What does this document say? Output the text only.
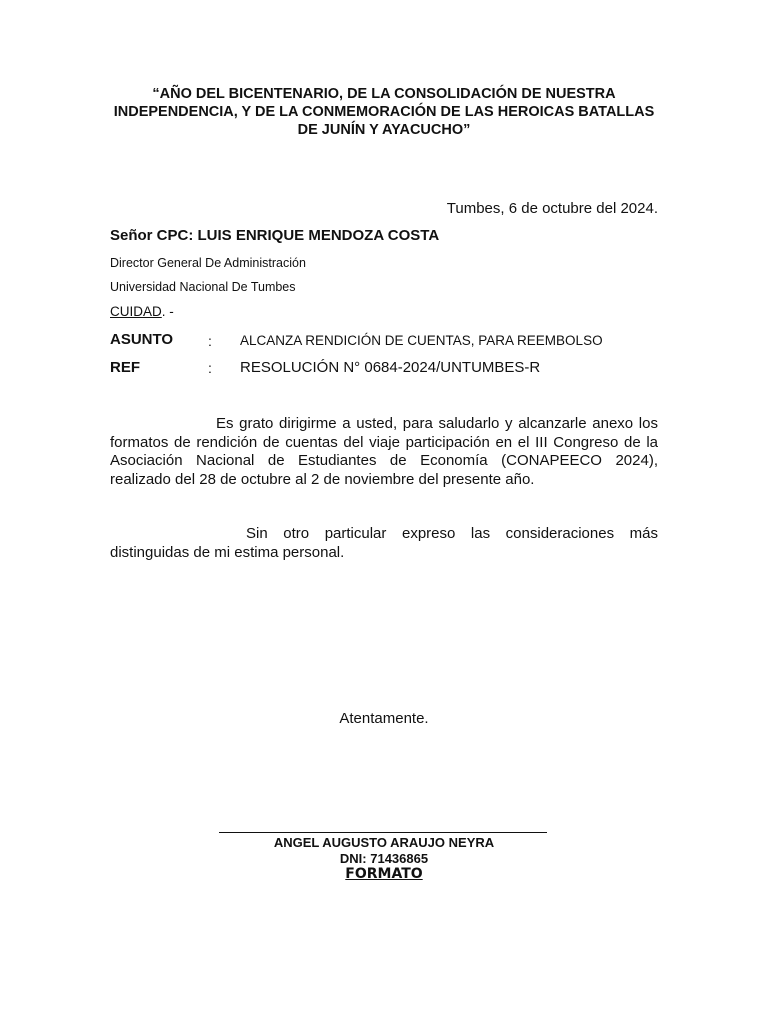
“AÑO DEL BICENTENARIO, DE LA CONSOLIDACIÓN DE NUESTRA
INDEPENDENCIA, Y DE LA CONMEMORACIÓN DE LAS HEROICAS BATALLAS
DE JUNÍN Y AYACUCHO”
Tumbes, 6 de octubre del 2024.
Señor CPC: LUIS ENRIQUE MENDOZA COSTA
Director General De Administración
Universidad Nacional De Tumbes
CUIDAD. -
ASUNTO : ALCANZA RENDICIÓN DE CUENTAS, PARA REEMBOLSO
REF	: RESOLUCIÓN N° 0684-2024/UNTUMBES-R
Es grato dirigirme a usted, para saludarlo y alcanzarle anexo los
formatos de rendición de cuentas del viaje participación en el III Congreso de la
Asociación Nacional de Estudiantes de Economía (CONAPEECO 2024),
realizado del 28 de octubre al 2 de noviembre del presente año.
Sin otro particular expreso las consideraciones más
distinguidas de mi estima personal.
Atentamente.
ANGEL AUGUSTO ARAUJO NEYRA
DNI: 71436865
FORMATO
